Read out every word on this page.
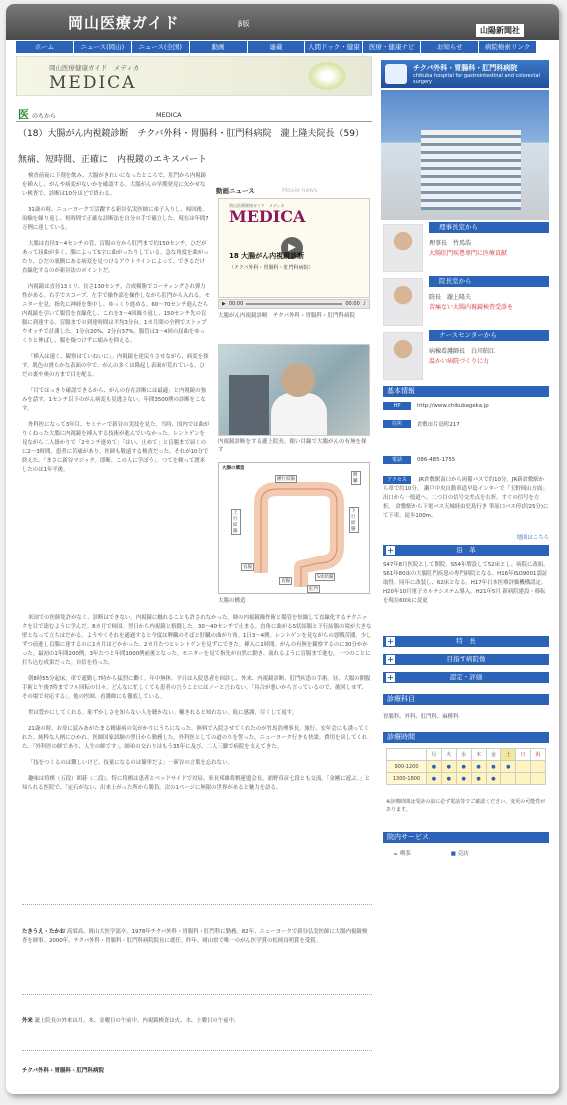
岡山医療ガイド	β版
山陽新聞社
ホーム	ニュース(岡山)	ニュース(全国)	動画	連載	人間ドック・健康	医療・健康ナビ	お知らせ	病院検索リンク
岡山医療健康ガイド　メディカ
MEDICA
医 のちから	MEDICA
（18）大腸がん内視鏡診断　チクバ外科・胃腸科・肛門科病院　瀧上隆夫院長（59）
無痛、短時間、正確に　内視鏡のエキスパート

検査前夜に下剤を飲み、大腸がきれいになったところで、肛門から内視鏡を挿入し、がんや病変がないかを確認する。大腸がんの早期発見に欠かせない検査で、診断は10分ほどで終わる。

31歳の時、ニューヨークで活躍する新谷弘実医師に弟子入りし、帰国後、治験を繰り返し、短時間で正確な診断法を自分の手で確立した。現在は年間7万例に達している。

大腸は直径3〜4センチの管。盲腸の方から肛門まで約150センチ。ひだがあって屈曲が多く、腸によってS字に曲がったりしている。急な角度を曲がったり、ひだの裏側にある病変を見つけるアウトラインによって、できるだけ直線化するのが新谷法のポイントだ。

内視鏡は直径13ミリ、長さ130センチ。合成樹脂でコーティングされ弾力性がある。右手でスコープ、左手で操作部を操作しながら肛門から入れる。モニターを見、指先に神経を集中し、ゆっくり進める。60〜70センチ進んだら内視鏡を引いて腸管を直線化し、これを3〜4回繰り返し、150センチ先の盲腸に到達する。盲腸までの到達時間は平均3分台。1カ月間の全例でストップウオッチで計測した。1分台20%、2分台37%。腸管は3〜4回の屈曲をゆっくりと伸ばし、腸を傷つけずに痛みを抑える。

「挿入は速く、観察はていねいに」。内視鏡を逆戻りさせながら、病変を探す。肌色の滑らかな表面の中で、がんの多くは隆起し表面が荒れている。ひだの裏や奥の方まで目を配る。

「目ではっきり確認できるから、がんの存在診断には最適」と内視鏡の強みを話す。1センチ以下のがん病変も見逃さない。年間3500例の診断をこなす。

外科医になって3年目、セミナーで新谷の実技を見た。当時、国内では曲がりくねった大腸に内視鏡を挿入する技術が進んでいなかった。レントゲンを見ながら二人掛かりで「2センチ進めて」「はい、止めて」と盲腸まで届くのに2〜3時間、患者に苦痛があり、医師も敬遠する検査だった。それが10分で終えた。「まさに新谷マジック。即断、この人に学ぼう」。つてを頼って渡米したのは1年半後。

動画ニュース	Movie news
岡山医療健康ガイド　メディカ
MEDICA
▶
18 大腸がん内視鏡診断
（チクバ外科・胃腸科・肛門科病院）
▶ 00:00	00:00 ♪
大腸がん内視鏡診断　チクバ外科・胃腸科・肛門科病院
内視鏡診断をする瀧上院長。鋭い目線で大腸がんの有無を探す
大腸の構造
横行結腸
下行結腸
上行結腸
盲腸
S状結腸
直腸
肛門
脾臓
大腸の構造

米国での医師免許がなく、診断はできない。内視鏡に触れることも許されなかった。師の内視鏡操作術と腸管を短縮して直線化するテクニックを目で盗むように学んだ。8カ月で帰国。翌日から内視鏡と格闘した。30〜40センチで止まる。直角に曲がるS状結腸と下行結腸の境が大きな壁となって立ちはだかる。ようやくそれを通過すると今度は脾臓のそばと肝臓の曲がり角。1日3〜4例。レントゲンを見ながらの悪戦苦闘。少しずつ前進し盲腸に達するのに1カ月ほどかかった。2カ月たつとレントゲンを見ずにできた。挿入に1時間。がんの有無を観察するのに30分かかった。最初の1年間200例。3年たつと年間1000例前後となった。モニターを見て指先が自然に動き、流れるように盲腸まで進む。一つのことに打ち込む成果だった。自信を持った。

朝8時55分起床。車で通勤し7時から猛烈に働く。年中無休。平日は入院患者を回診し、外来、内視鏡診断、肛門疾患の手術。昼、大腸の開腹手術と午後7時までフル回転の日々。どんなに忙しくても患者の言うことにはノーと言わない。「具合が悪いから言っているので、後回しせず、その場で対応する」。他の医師、看護師にも徹底している。

世は豊かにしてくれる。恥ずかしさを知らない人を聴かない。輔きれると知れない。恥に感謝、尽くして返す。

21歳の時、お母に読みあがたまる精康病の気がかりにうちになった。無料で入院させてくれたのが竹馬浩理事長。旅行、宏年会にも誘ってくれた。純粋な人柄にひかれ、医師国家試験の翌日から勤務した。外科医としての道のりを誓った。ニューヨーク行きも快諾。費用を出してくれた。「外科医の師であり、人生の師です」。師弟の交わりはもう35年に及び、二人三脚で病院を支えてきた。

「技をつくるのは難しいけど、技量になるのは簡単だよ」一新谷の言葉を忘れない。

趣味は将棋（五段）囲碁（二段）。特に将棋は患者とベッドサイドで対局、米長邦雄将棋連盟会長、浦野真彦七段とも交流。「金剛に遊ぶ。」と知られる医院で、「定石がない、出来上がった所から勝負。次の1ページに無限の世界があると魅力を語る。

たきうえ・たかお 高梁高、岡山大医学部卒。1978年チクバ外科・胃腸科・肛門科に勤務。82年、ニューヨークで新谷弘実医師に大腸内視鏡検査を師事。2000年、チクバ外科・胃腸科・肛門科病院院長に就任。昨年、岡山県で唯一のがん医学賞の松岡良明賞を受賞。
外来 瀧上院長の外来は月、木、金曜日の午前中。内視鏡検査は火、水、土曜日の午前中。
チクバ外科・胃腸科・肛門科病院
チクバ外科・胃腸科・肛門科病院
chikuba hospital for gastrointestinal and colorectal surgery
理事長室から
理事長　竹馬浩
大腸肛門疾患専門に医療貢献
院長室から
院長　瀧上隆夫
苦痛ない大腸内視鏡検査受診を
ナースセンターから
病棟看護師長　白川昭江
温かい病院づくりに力
基本情報
HP	http://www.chikubageka.jp
住所	倉敷市片島町217
電話	086-485-1755
アクセス JR倉敷駅南口から両備バスで約10分。JR新倉敷駅から車で約10分。 瀬戸中央自動車道早島インターで「玉野岡山方面」出口から一般道へ。二つ目の信号交差点を右折。すぐの信号を左折。 倉敷駅から下電バス天城経由児島行き 筆原口バス停(約25分)にて下車。徒歩100m。
地図はこちら
+	沿　革
S47年8月医院として開院。S54年増設して52床とし、病院に改組。S61年80床の大腸肛門疾患の専門病院となる。H16年ISO9001認証取得。同年に改装し、62床となる。H17年日本医療評価機構認定。H20年10月電子カルテシステム導入。H21年5月 新病院建設・移転を現在60床に変更
+	特　長
+	目指す病院像
+	認定・評価
診療科目
胃腸科、外科、肛門科、麻酔科
診療時間
	月	火	水	木	金	土	日	祝
900-1200	●	●	●	●	●	●		
1300-1800	●	●	●	●	●			
※診療時間は受診の前に必ず電話等でご確認ください。変更の可能性があります。
院内サービス
☕ 喫茶	■ 売店
